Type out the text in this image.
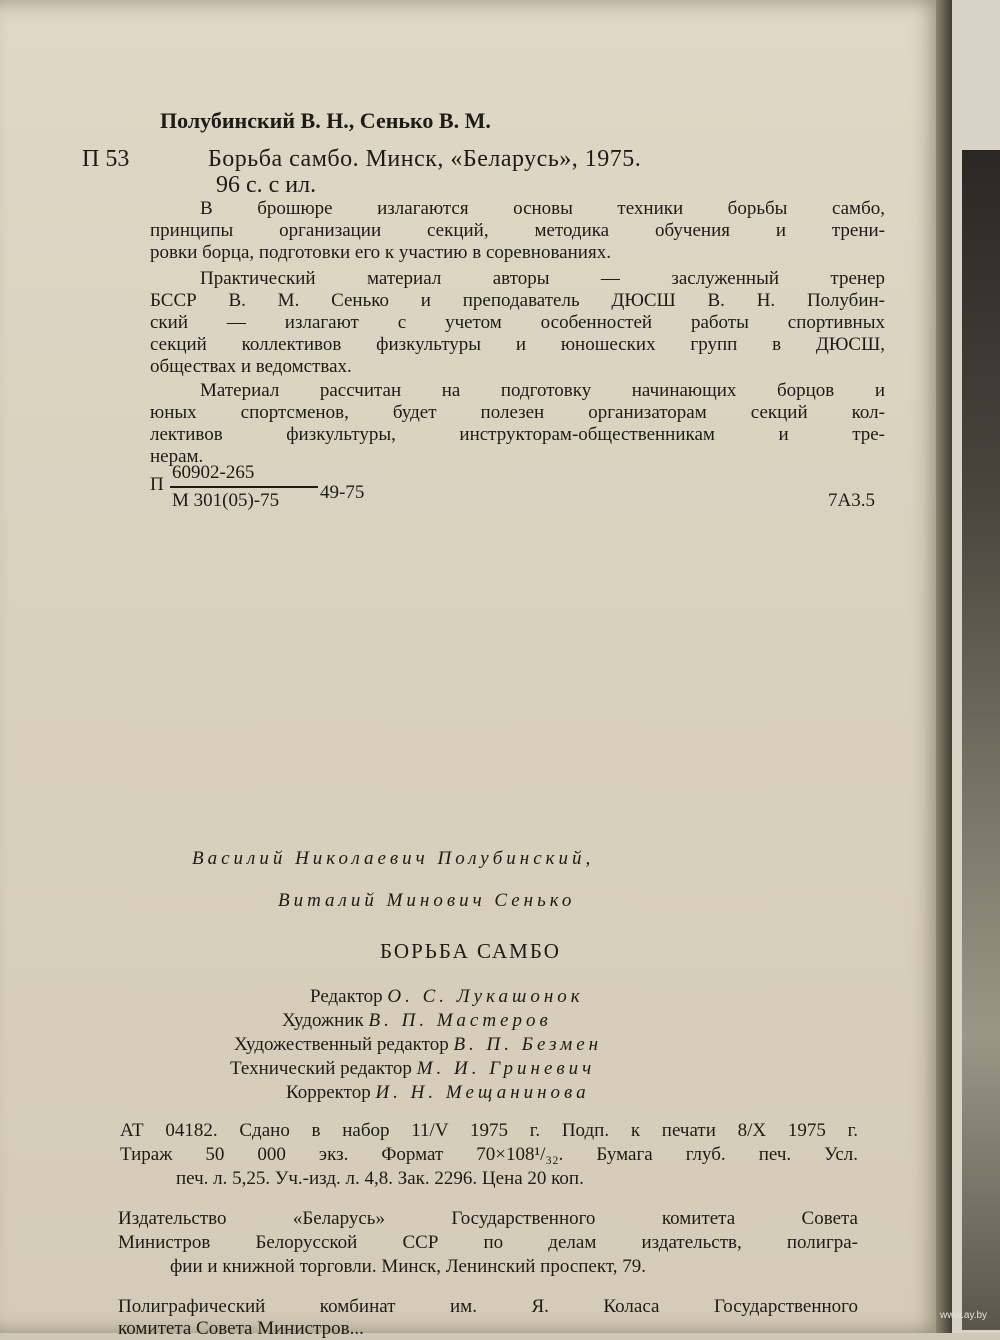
Полубинский В. Н., Сенько В. М.
П 53	Борьба самбо. Минск, «Беларусь», 1975.
96 с. с ил.
В брошюре излагаются основы техники борьбы самбо,
принципы организации секций, методика обучения и трени-
ровки борца, подготовки его к участию в соревнованиях.
Практический материал авторы — заслуженный тренер
БССР В. М. Сенько и преподаватель ДЮСШ В. Н. Полубин-
ский — излагают с учетом особенностей работы спортивных
секций коллективов физкультуры и юношеских групп в ДЮСШ,
обществах и ведомствах.
Материал рассчитан на подготовку начинающих борцов и
юных спортсменов, будет полезен организаторам секций кол-
лективов физкультуры, инструкторам-общественникам и тре-
нерам.
П
60902-265
М 301(05)-75 49-75	7А3.5
Василий Николаевич Полубинский,
Виталий Минович Сенько
БОРЬБА САМБО
Редактор О. С. Лукашонок
Художник В. П. Мастеров
Художественный редактор В. П. Безмен
Технический редактор М. И. Гриневич
Корректор И. Н. Мещанинова
АТ 04182. Сдано в набор 11/V 1975 г. Подп. к печати 8/X 1975 г.
Тираж 50 000 экз. Формат 70×108¹/₃₂. Бумага глуб. печ. Усл.
печ. л. 5,25. Уч.-изд. л. 4,8. Зак. 2296. Цена 20 коп.
Издательство «Беларусь» Государственного комитета Совета
Министров Белорусской ССР по делам издательств, полигра-
фии и книжной торговли. Минск, Ленинский проспект, 79.
Полиграфический комбинат им. Я. Коласа Государственного
комитета Совета Министров...
www.ay.by
